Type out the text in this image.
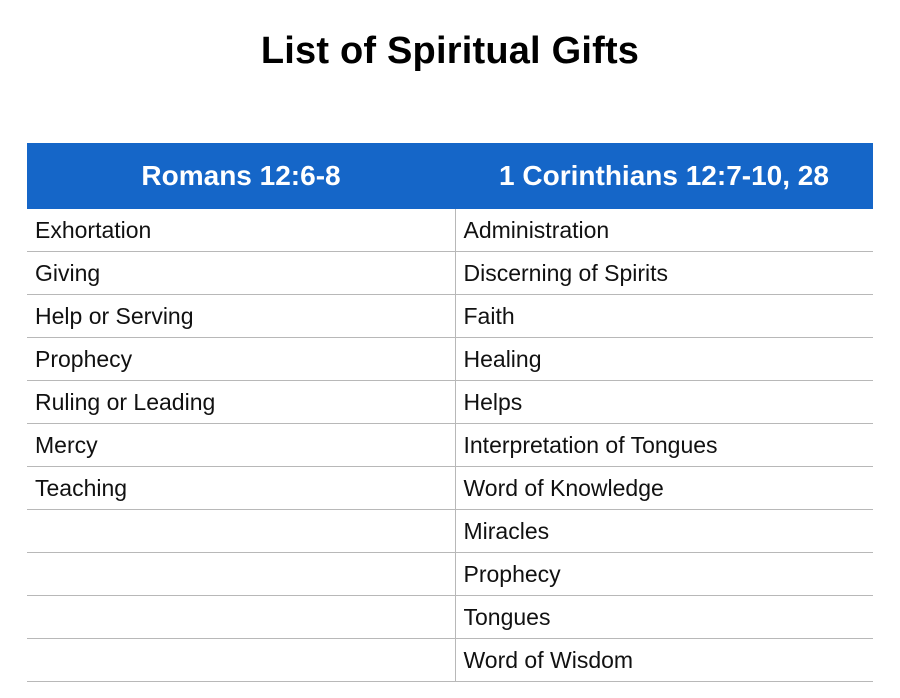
List of Spiritual Gifts
Romans 12:6-8	1 Corinthians 12:7-10, 28
Exhortation	Administration
Giving	Discerning of Spirits
Help or Serving	Faith
Prophecy	Healing
Ruling or Leading	Helps
Mercy	Interpretation of Tongues
Teaching	Word of Knowledge
	Miracles
	Prophecy
	Tongues
	Word of Wisdom
